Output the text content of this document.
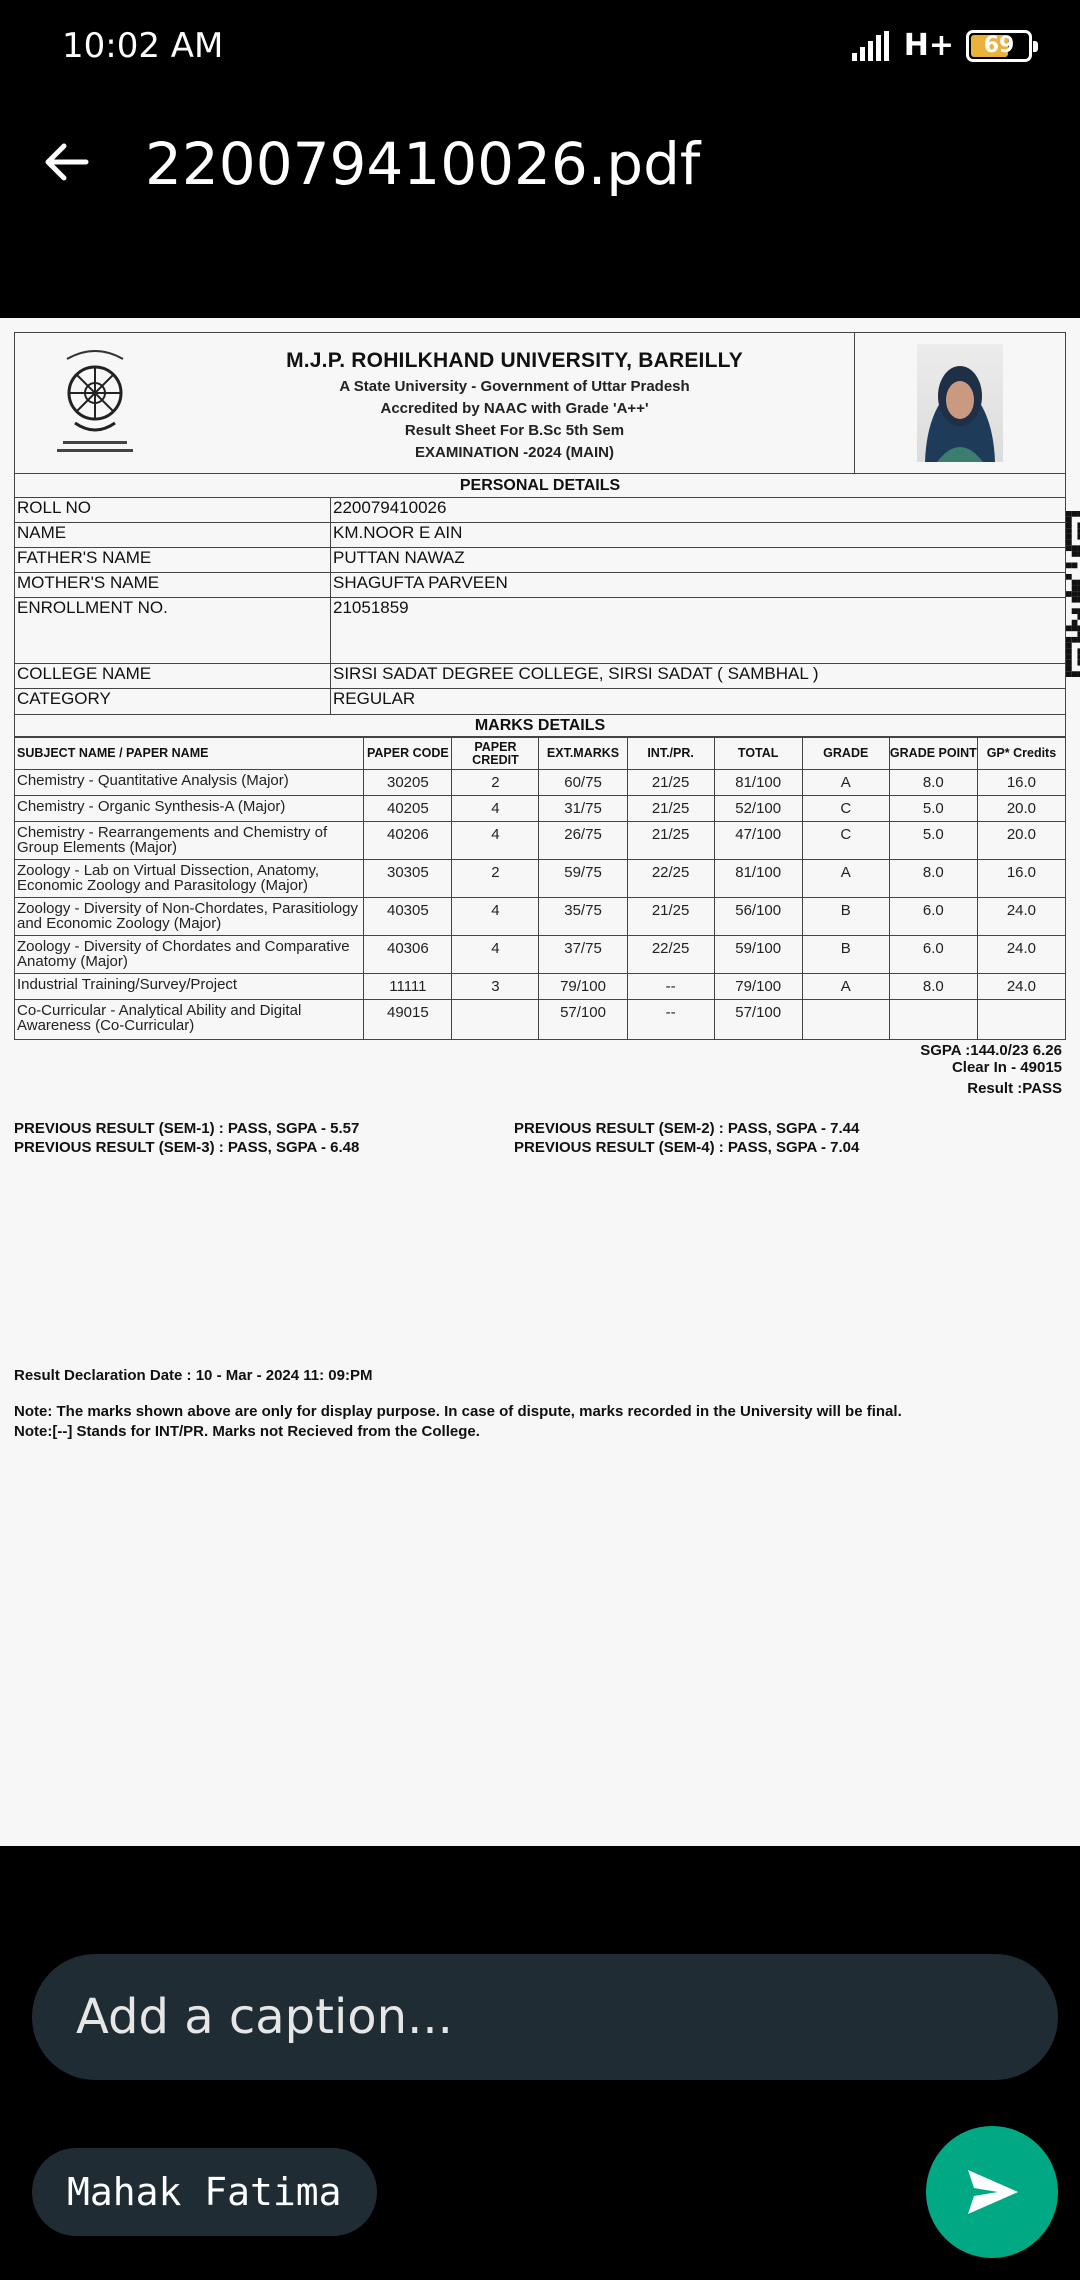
10:02 AM	H+	69
220079410026.pdf
M.J.P. ROHILKHAND UNIVERSITY, BAREILLY
A State University - Government of Uttar Pradesh
Accredited by NAAC with Grade 'A++'
Result Sheet For B.Sc 5th Sem
EXAMINATION -2024 (MAIN)
PERSONAL DETAILS
ROLL NO	220079410026
NAME	KM.NOOR E AIN
FATHER'S NAME	PUTTAN NAWAZ
MOTHER'S NAME	SHAGUFTA PARVEEN
ENROLLMENT NO.	21051859
COLLEGE NAME	SIRSI SADAT DEGREE COLLEGE, SIRSI SADAT ( SAMBHAL )
CATEGORY	REGULAR
MARKS DETAILS
SUBJECT NAME / PAPER NAME	PAPER CODE	PAPER CREDIT	EXT.MARKS	INT./PR.	TOTAL	GRADE	GRADE POINT	GP* Credits
Chemistry - Quantitative Analysis (Major)	30205	2	60/75	21/25	81/100	A	8.0	16.0
Chemistry - Organic Synthesis-A (Major)	40205	4	31/75	21/25	52/100	C	5.0	20.0
Chemistry - Rearrangements and Chemistry of Group Elements (Major)	40206	4	26/75	21/25	47/100	C	5.0	20.0
Zoology - Lab on Virtual Dissection, Anatomy, Economic Zoology and Parasitology (Major)	30305	2	59/75	22/25	81/100	A	8.0	16.0
Zoology - Diversity of Non-Chordates, Parasitiology and Economic Zoology (Major)	40305	4	35/75	21/25	56/100	B	6.0	24.0
Zoology - Diversity of Chordates and Comparative Anatomy (Major)	40306	4	37/75	22/25	59/100	B	6.0	24.0
Industrial Training/Survey/Project	11111	3	79/100	--	79/100	A	8.0	24.0
Co-Curricular - Analytical Ability and Digital Awareness (Co-Curricular)	49015		57/100	--	57/100			
SGPA :144.0/23 6.26
Clear In - 49015
Result :PASS
PREVIOUS RESULT (SEM-1) : PASS, SGPA - 5.57
PREVIOUS RESULT (SEM-3) : PASS, SGPA - 6.48
PREVIOUS RESULT (SEM-2) : PASS, SGPA - 7.44
PREVIOUS RESULT (SEM-4) : PASS, SGPA - 7.04
Result Declaration Date : 10 - Mar - 2024 11: 09:PM
Note: The marks shown above are only for display purpose. In case of dispute, marks recorded in the University will be final.
Note:[--] Stands for INT/PR. Marks not Recieved from the College.
Add a caption...
Mahak Fatima
